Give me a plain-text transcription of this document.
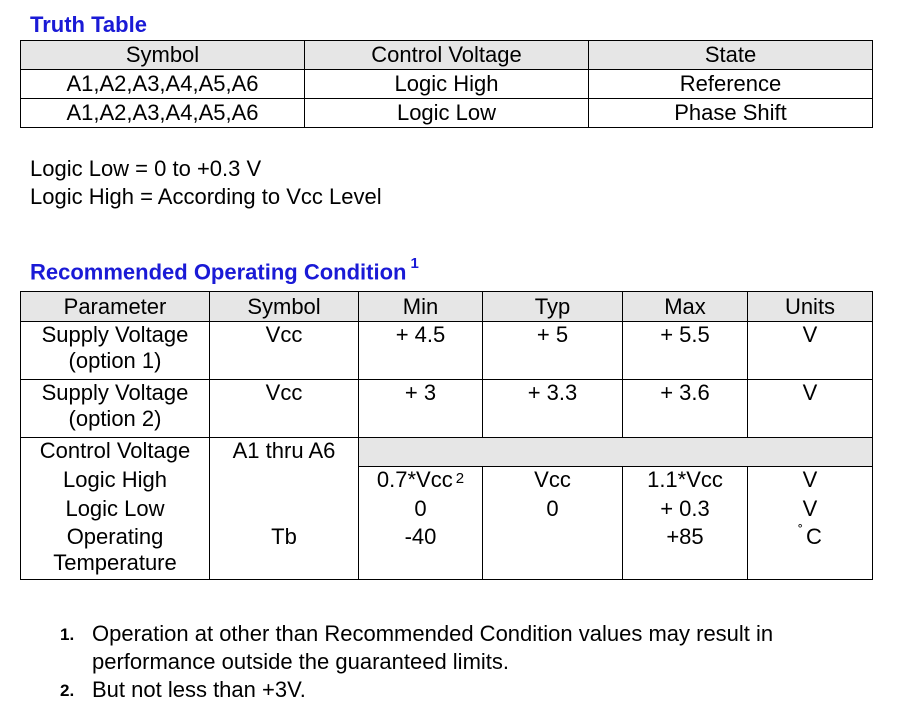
Truth Table
Symbol	Control Voltage	State
A1,A2,A3,A4,A5,A6	Logic High	Reference
A1,A2,A3,A4,A5,A6	Logic Low	Phase Shift
Logic Low = 0 to +0.3 V
Logic High = According to Vcc Level
Recommended Operating Condition $^1$
Parameter	Symbol	Min	Typ	Max	Units

Supply Voltage
(option 1)	Vcc	+ 4.5	+ 5	+ 5.5	V

Supply Voltage
(option 2)	Vcc	+ 3	+ 3.3	+ 3.6	V
Control Voltage	A1 thru A6				
Logic High		0.7*Vcc 2	Vcc	1.1*Vcc	V
Logic Low		0	0	+ 0.3	V

Operating
Temperature	Tb	-40		+85	˚ C
1. Operation at other than Recommended Condition values may result in performance outside the guaranteed limits.
2. But not less than +3V.
